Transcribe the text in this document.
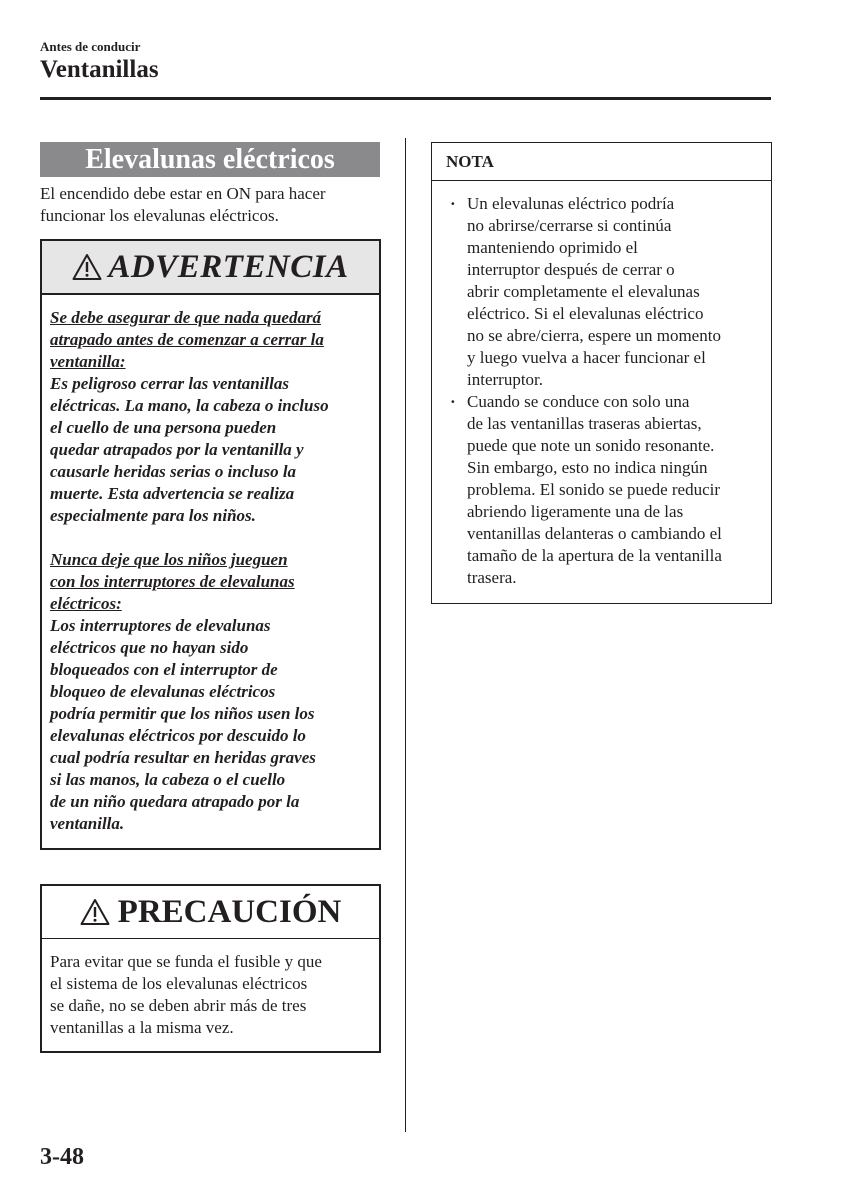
Antes de conducir
Ventanillas
Elevalunas eléctricos
El encendido debe estar en ON para hacer
funcionar los elevalunas eléctricos.
ADVERTENCIA

Se debe asegurar de que nada quedará
atrapado antes de comenzar a cerrar la
ventanilla:

Es peligroso cerrar las ventanillas
eléctricas. La mano, la cabeza o incluso
el cuello de una persona pueden
quedar atrapados por la ventanilla y
causarle heridas serias o incluso la
muerte. Esta advertencia se realiza
especialmente para los niños.

Nunca deje que los niños jueguen
con los interruptores de elevalunas
eléctricos:

Los interruptores de elevalunas
eléctricos que no hayan sido
bloqueados con el interruptor de
bloqueo de elevalunas eléctricos
podría permitir que los niños usen los
elevalunas eléctricos por descuido lo
cual podría resultar en heridas graves
si las manos, la cabeza o el cuello
de un niño quedara atrapado por la
ventanilla.

PRECAUCIÓN
Para evitar que se funda el fusible y que
el sistema de los elevalunas eléctricos
se dañe, no se deben abrir más de tres
ventanillas a la misma vez.
NOTA
· Un elevalunas eléctrico podría
no abrirse/cerrarse si continúa
manteniendo oprimido el
interruptor después de cerrar o
abrir completamente el elevalunas
eléctrico. Si el elevalunas eléctrico
no se abre/cierra, espere un momento
y luego vuelva a hacer funcionar el
interruptor.
· Cuando se conduce con solo una
de las ventanillas traseras abiertas,
puede que note un sonido resonante.
Sin embargo, esto no indica ningún
problema. El sonido se puede reducir
abriendo ligeramente una de las
ventanillas delanteras o cambiando el
tamaño de la apertura de la ventanilla
trasera.
3-48
